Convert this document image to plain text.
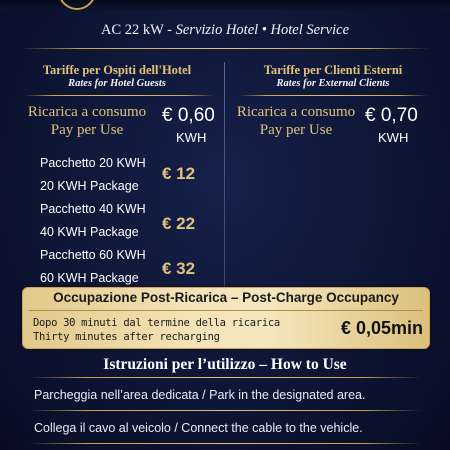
AC 22 kW - Servizio Hotel • Hotel Service
Tariffe per Ospiti dell'Hotel
Rates for Hotel Guests
Tariffe per Clienti Esterni
Rates for External Clients
Ricarica a consumo
Pay per Use
€ 0,60
KWH
Pacchetto 20 KWH
20 KWH Package
€ 12
Pacchetto 40 KWH
40 KWH Package € 22
Pacchetto 60 KWH
60 KWH Package € 32
Ricarica a consumo
Pay per Use
€ 0,70
KWH
Occupazione Post-Ricarica – Post-Charge Occupancy
Dopo 30 minuti dal termine della ricarica
Thirty minutes after recharging	€ 0,05min
Istruzioni per l’utilizzo – How to Use
Parcheggia nell’area dedicata / Park in the designated area.
Collega il cavo al veicolo / Connect the cable to the vehicle.
